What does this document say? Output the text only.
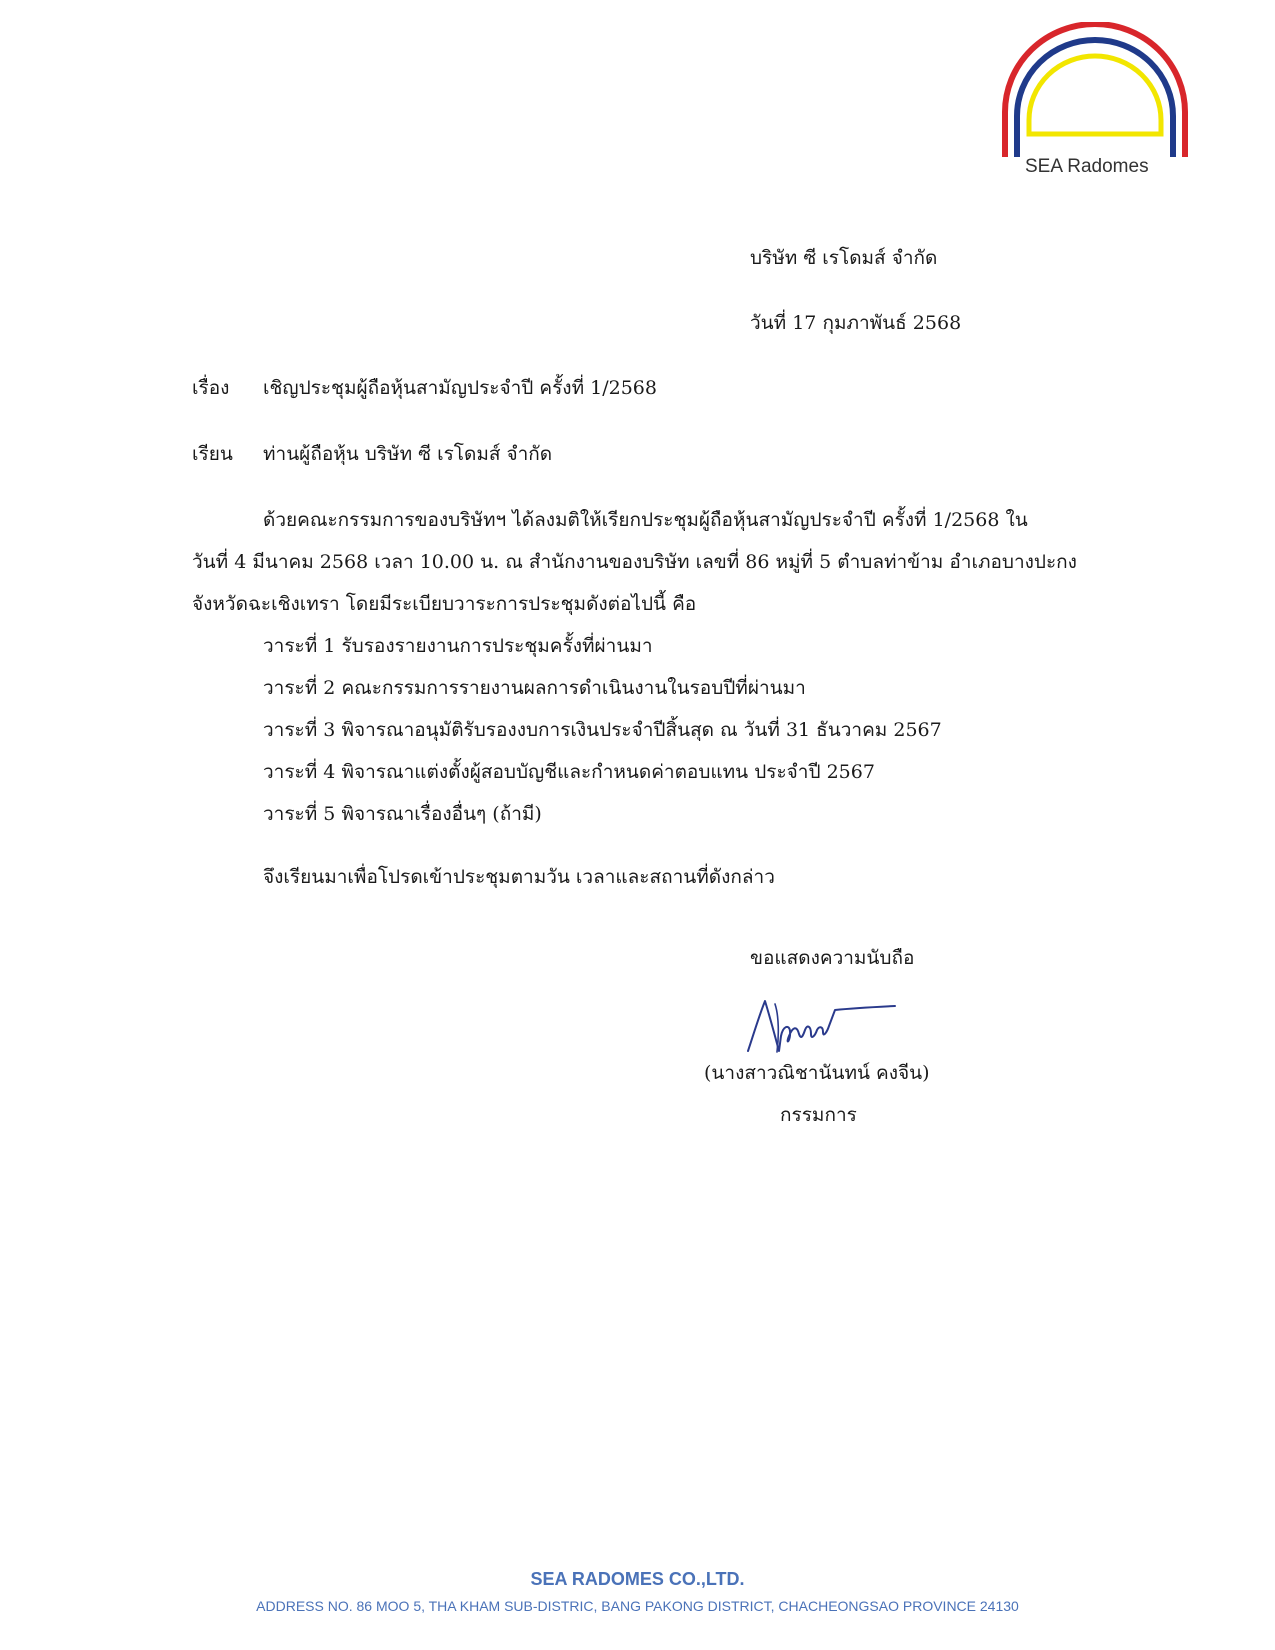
SEA Radomes
บริษัท ซี เรโดมส์ จำกัด
วันที่ 17 กุมภาพันธ์ 2568
เรื่อง เชิญประชุมผู้ถือหุ้นสามัญประจำปี ครั้งที่ 1/2568
เรียน ท่านผู้ถือหุ้น บริษัท ซี เรโดมส์ จำกัด
ด้วยคณะกรรมการของบริษัทฯ ได้ลงมติให้เรียกประชุมผู้ถือหุ้นสามัญประจำปี ครั้งที่ 1/2568 ใน
วันที่ 4 มีนาคม 2568 เวลา 10.00 น. ณ สำนักงานของบริษัท เลขที่ 86 หมู่ที่ 5 ตำบลท่าข้าม อำเภอบางปะกง
จังหวัดฉะเชิงเทรา โดยมีระเบียบวาระการประชุมดังต่อไปนี้ คือ
วาระที่ 1 รับรองรายงานการประชุมครั้งที่ผ่านมา
วาระที่ 2 คณะกรรมการรายงานผลการดำเนินงานในรอบปีที่ผ่านมา
วาระที่ 3 พิจารณาอนุมัติรับรองงบการเงินประจำปีสิ้นสุด ณ วันที่ 31 ธันวาคม 2567
วาระที่ 4 พิจารณาแต่งตั้งผู้สอบบัญชีและกำหนดค่าตอบแทน ประจำปี 2567
วาระที่ 5 พิจารณาเรื่องอื่นๆ (ถ้ามี)
จึงเรียนมาเพื่อโปรดเข้าประชุมตามวัน เวลาและสถานที่ดังกล่าว
ขอแสดงความนับถือ
(นางสาวณิชานันทน์ คงจีน)
กรรมการ
SEA RADOMES CO.,LTD.
ADDRESS NO. 86 MOO 5, THA KHAM SUB-DISTRIC, BANG PAKONG DISTRICT, CHACHEONGSAO PROVINCE 24130
